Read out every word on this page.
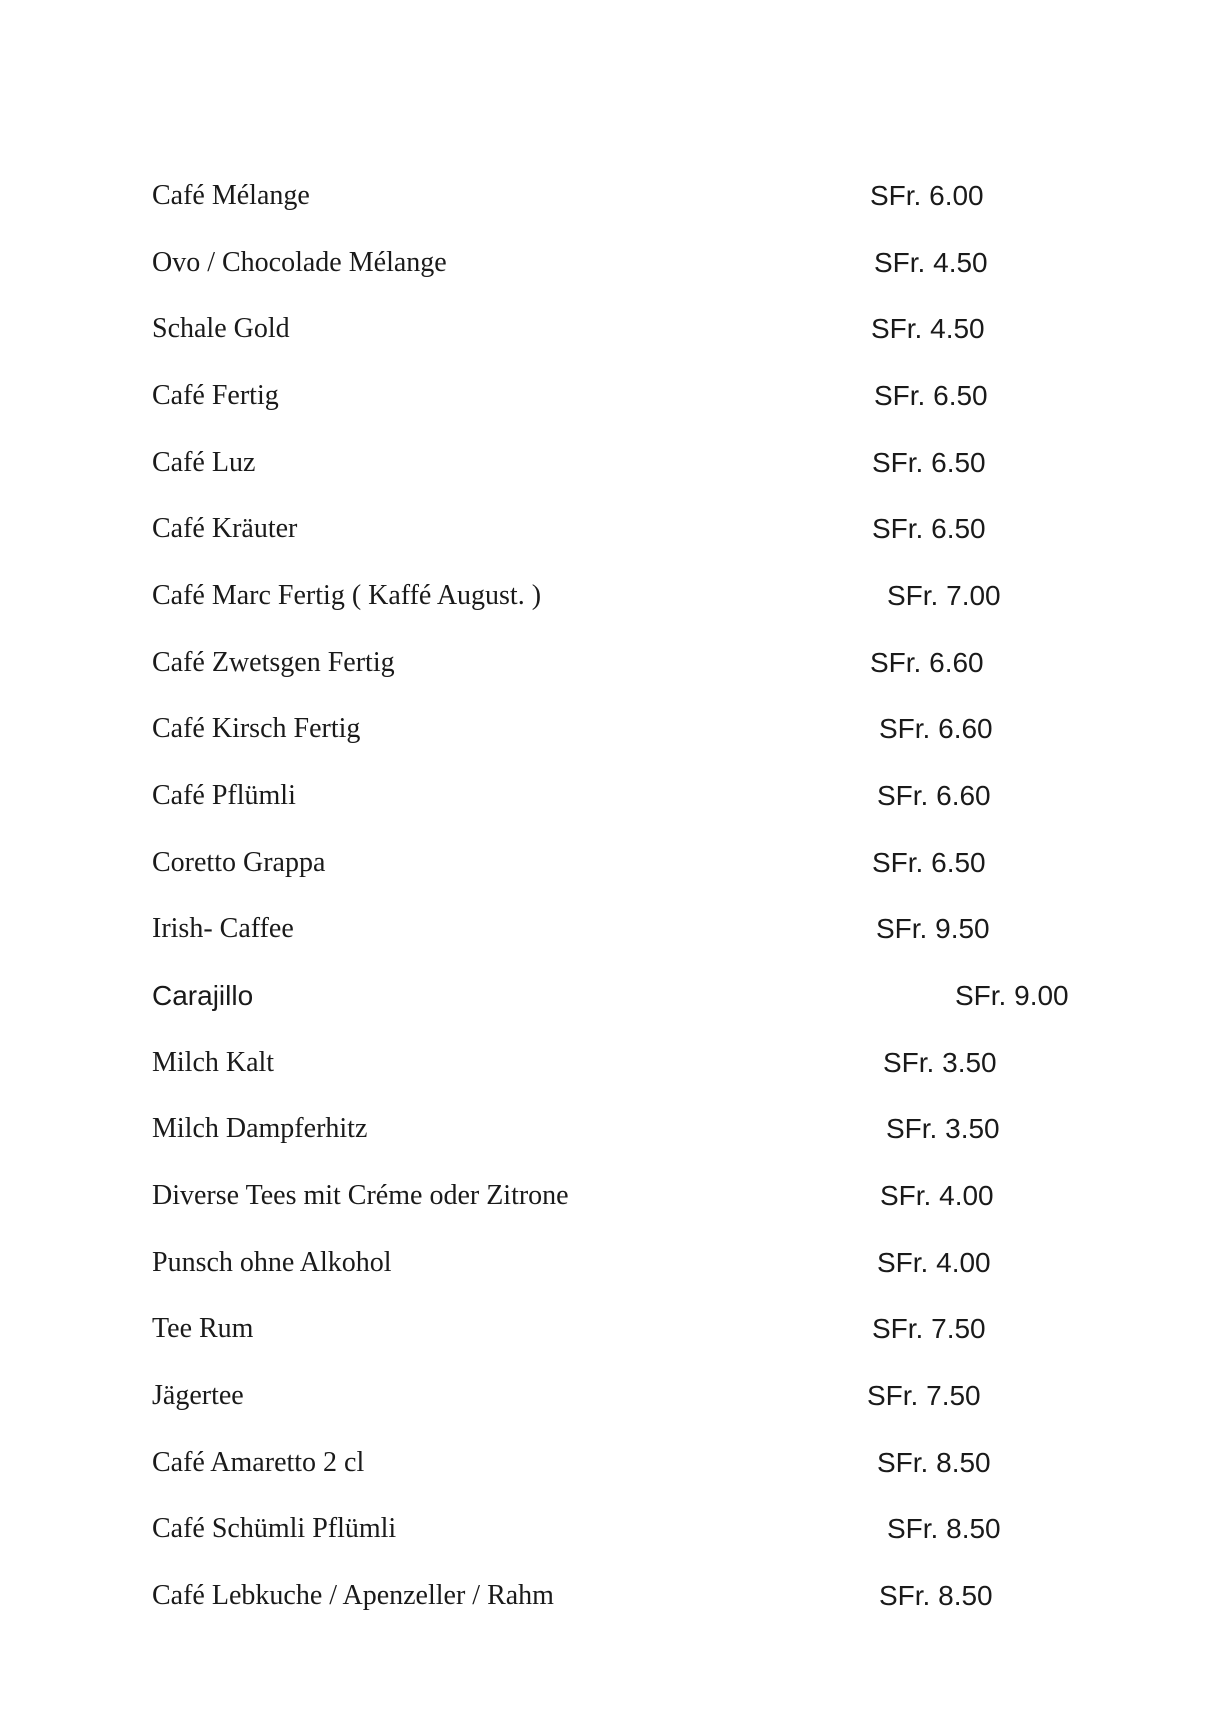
Café Mélange	SFr. 6.00
Ovo / Chocolade Mélange	SFr. 4.50
Schale Gold	SFr. 4.50
Café Fertig	SFr. 6.50
Café Luz	SFr. 6.50
Café Kräuter	SFr. 6.50
Café Marc Fertig ( Kaffé August. )	SFr. 7.00
Café Zwetsgen Fertig	SFr. 6.60
Café Kirsch Fertig	SFr. 6.60
Café Pflümli	SFr. 6.60
Coretto Grappa	SFr. 6.50
Irish- Caffee	SFr. 9.50
Carajillo	SFr. 9.00
Milch Kalt	SFr. 3.50
Milch Dampferhitz	SFr. 3.50
Diverse Tees mit Créme oder Zitrone	SFr. 4.00
Punsch ohne Alkohol	SFr. 4.00
Tee Rum	SFr. 7.50
Jägertee	SFr. 7.50
Café Amaretto 2 cl	SFr. 8.50
Café Schümli Pflümli	SFr. 8.50
Café Lebkuche / Apenzeller / Rahm	SFr. 8.50
